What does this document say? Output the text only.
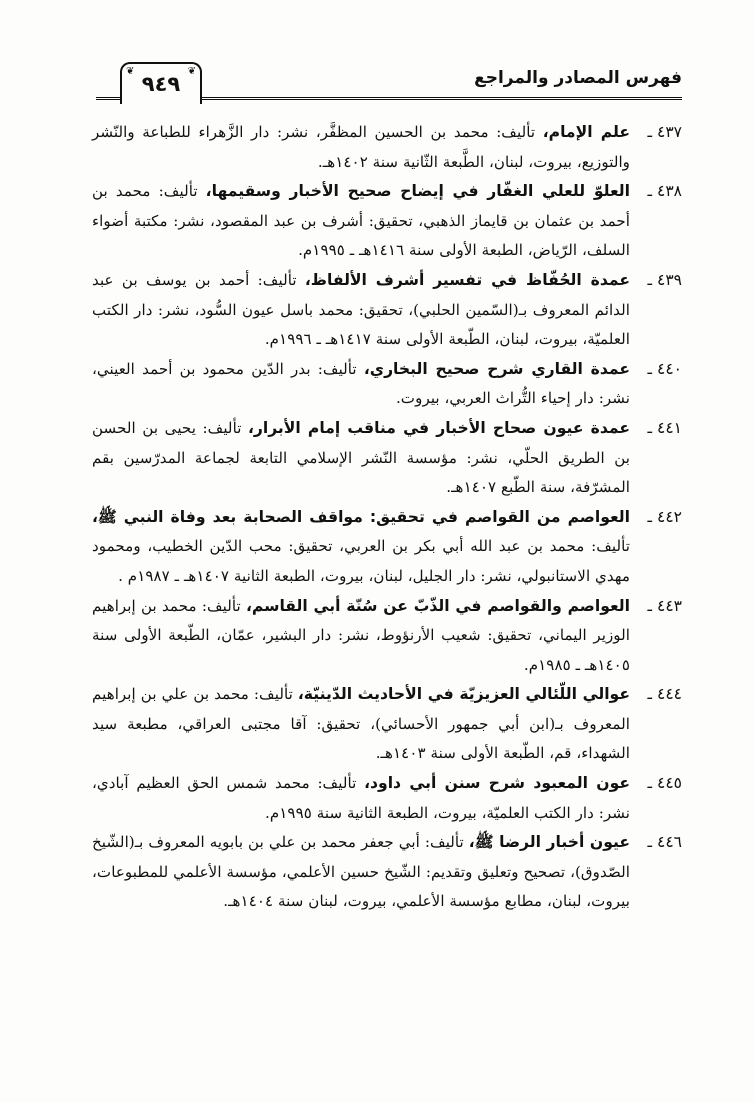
فهرس المصادر والمراجع
❦
٩٤٩
❦
٤٣٧ ـ
علم الإمام، تأليف: محمد بن الحسين المظفَّر، نشر: دار الزَّهراء للطباعة والنّشر والتوزيع، بيروت، لبنان، الطَّبعة الثّانية سنة ١٤٠٢هـ.
٤٣٨ ـ
العلوّ للعلي الغفّار في إيضاح صحيح الأخبار وسقيمها، تأليف: محمد بن أحمد بن عثمان بن قايماز الذهبي، تحقيق: أشرف بن عبد المقصود، نشر: مكتبة أضواء السلف، الرّياض، الطبعة الأولى سنة ١٤١٦هـ ـ ١٩٩٥م.
٤٣٩ ـ
عمدة الحُفّاظ في تفسير أشرف الألفاظ، تأليف: أحمد بن يوسف بن عبد الدائم المعروف بـ(السّمين الحلبي)، تحقيق: محمد باسل عيون السُّود، نشر: دار الكتب العلميّة، بيروت، لبنان، الطّبعة الأولى سنة ١٤١٧هـ ـ ١٩٩٦م.
٤٤٠ ـ
عمدة القاري شرح صحيح البخاري، تأليف: بدر الدّين محمود بن أحمد العيني، نشر: دار إحياء التُّراث العربي، بيروت.
٤٤١ ـ
عمدة عيون صحاح الأخبار في مناقب إمام الأبرار، تأليف: يحيى بن الحسن بن الطريق الحلّي، نشر: مؤسسة النّشر الإسلامي التابعة لجماعة المدرّسين بقم المشرّفة، سنة الطّبع ١٤٠٧هـ.
٤٤٢ ـ
العواصم من القواصم في تحقيق: مواقف الصحابة بعد وفاة النبي ﷺ، تأليف: محمد بن عبد الله أبي بكر بن العربي، تحقيق: محب الدّين الخطيب، ومحمود مهدي الاستانبولي، نشر: دار الجليل، لبنان، بيروت، الطبعة الثانية ١٤٠٧هـ ـ ١٩٨٧م .
٤٤٣ ـ
العواصم والقواصم في الذّبّ عن سُنّة أبي القاسم، تأليف: محمد بن إبراهيم الوزير اليماني، تحقيق: شعيب الأرنؤوط، نشر: دار البشير، عمّان، الطّبعة الأولى سنة ١٤٠٥هـ ـ ١٩٨٥م.
٤٤٤ ـ
عوالي اللّئالي العزيزيّة في الأحاديث الدّينيّة، تأليف: محمد بن علي بن إبراهيم المعروف بـ(ابن أبي جمهور الأحسائي)، تحقيق: آقا مجتبى العراقي، مطبعة سيد الشهداء، قم، الطّبعة الأولى سنة ١٤٠٣هـ.
٤٤٥ ـ
عون المعبود شرح سنن أبي داود، تأليف: محمد شمس الحق العظيم آبادي، نشر: دار الكتب العلميّة، بيروت، الطبعة الثانية سنة ١٩٩٥م.
٤٤٦ ـ
عيون أخبار الرضا ﷺ، تأليف: أبي جعفر محمد بن علي بن بابويه المعروف بـ(الشّيخ الصّدوق)، تصحيح وتعليق وتقديم: الشّيخ حسين الأعلمي، مؤسسة الأعلمي للمطبوعات، بيروت، لبنان، مطابع مؤسسة الأعلمي، بيروت، لبنان سنة ١٤٠٤هـ.
